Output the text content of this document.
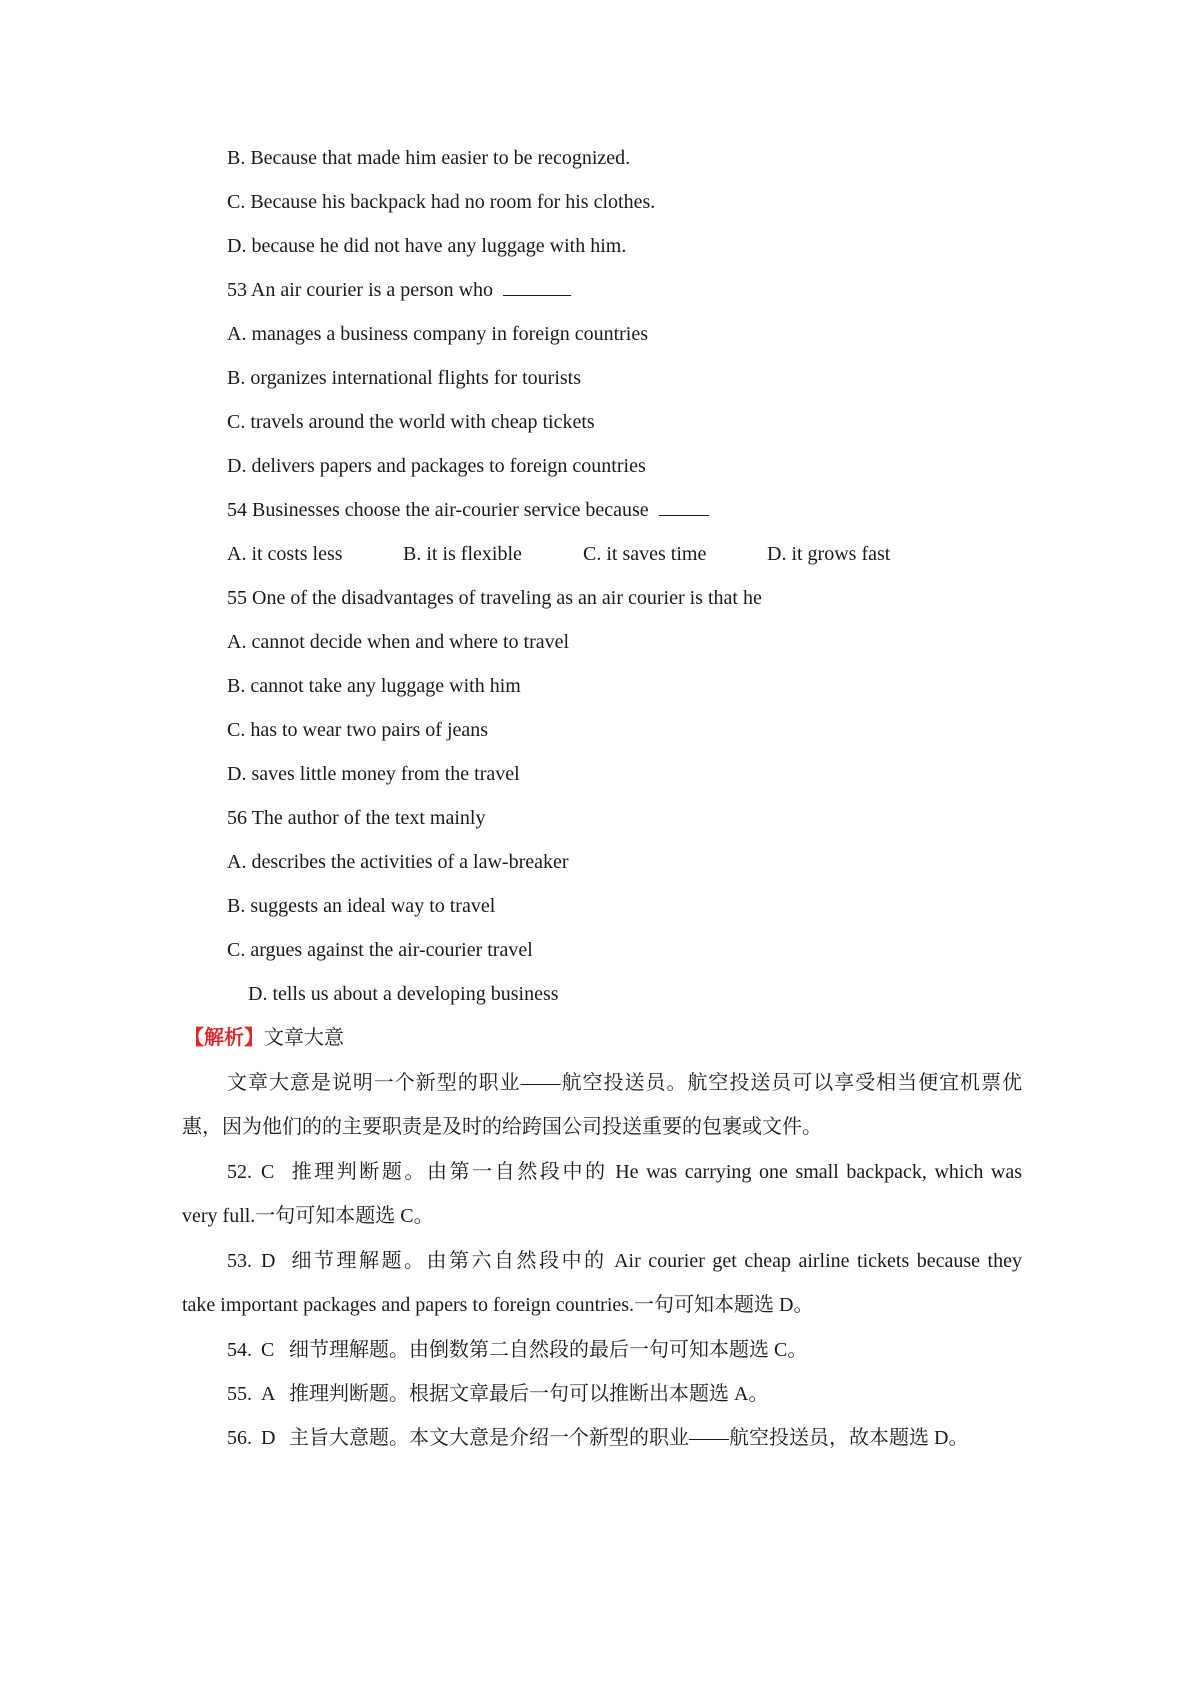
B. Because that made him easier to be recognized.
C. Because his backpack had no room for his clothes.
D. because he did not have any luggage with him.
53 An air courier is a person who
A. manages a business company in foreign countries
B. organizes international flights for tourists
C. travels around the world with cheap tickets
D. delivers papers and packages to foreign countries
54 Businesses choose the air-courier service because
A. it costs less	B. it is flexible	C. it saves time	D. it grows fast
55 One of the disadvantages of traveling as an air courier is that he
A. cannot decide when and where to travel
B. cannot take any luggage with him
C. has to wear two pairs of jeans
D. saves little money from the travel
56 The author of the text mainly
A. describes the activities of a law-breaker
B. suggests an ideal way to travel
C. argues against the air-courier travel
D. tells us about a developing business
【解析】文章大意
文章大意是说明一个新型的职业——航空投送员。航空投送员可以享受相当便宜机票优
惠，因为他们的的主要职责是及时的给跨国公司投送重要的包裹或文件。
52. C 推理判断题。由第一自然段中的 He was carrying one small backpack, which was
very full.一句可知本题选 C。
53. D 细节理解题。由第六自然段中的 Air courier get cheap airline tickets because they
take important packages and papers to foreign countries.一句可知本题选 D。
54. C 细节理解题。由倒数第二自然段的最后一句可知本题选 C。
55. A 推理判断题。根据文章最后一句可以推断出本题选 A。
56. D 主旨大意题。本文大意是介绍一个新型的职业——航空投送员，故本题选 D。
